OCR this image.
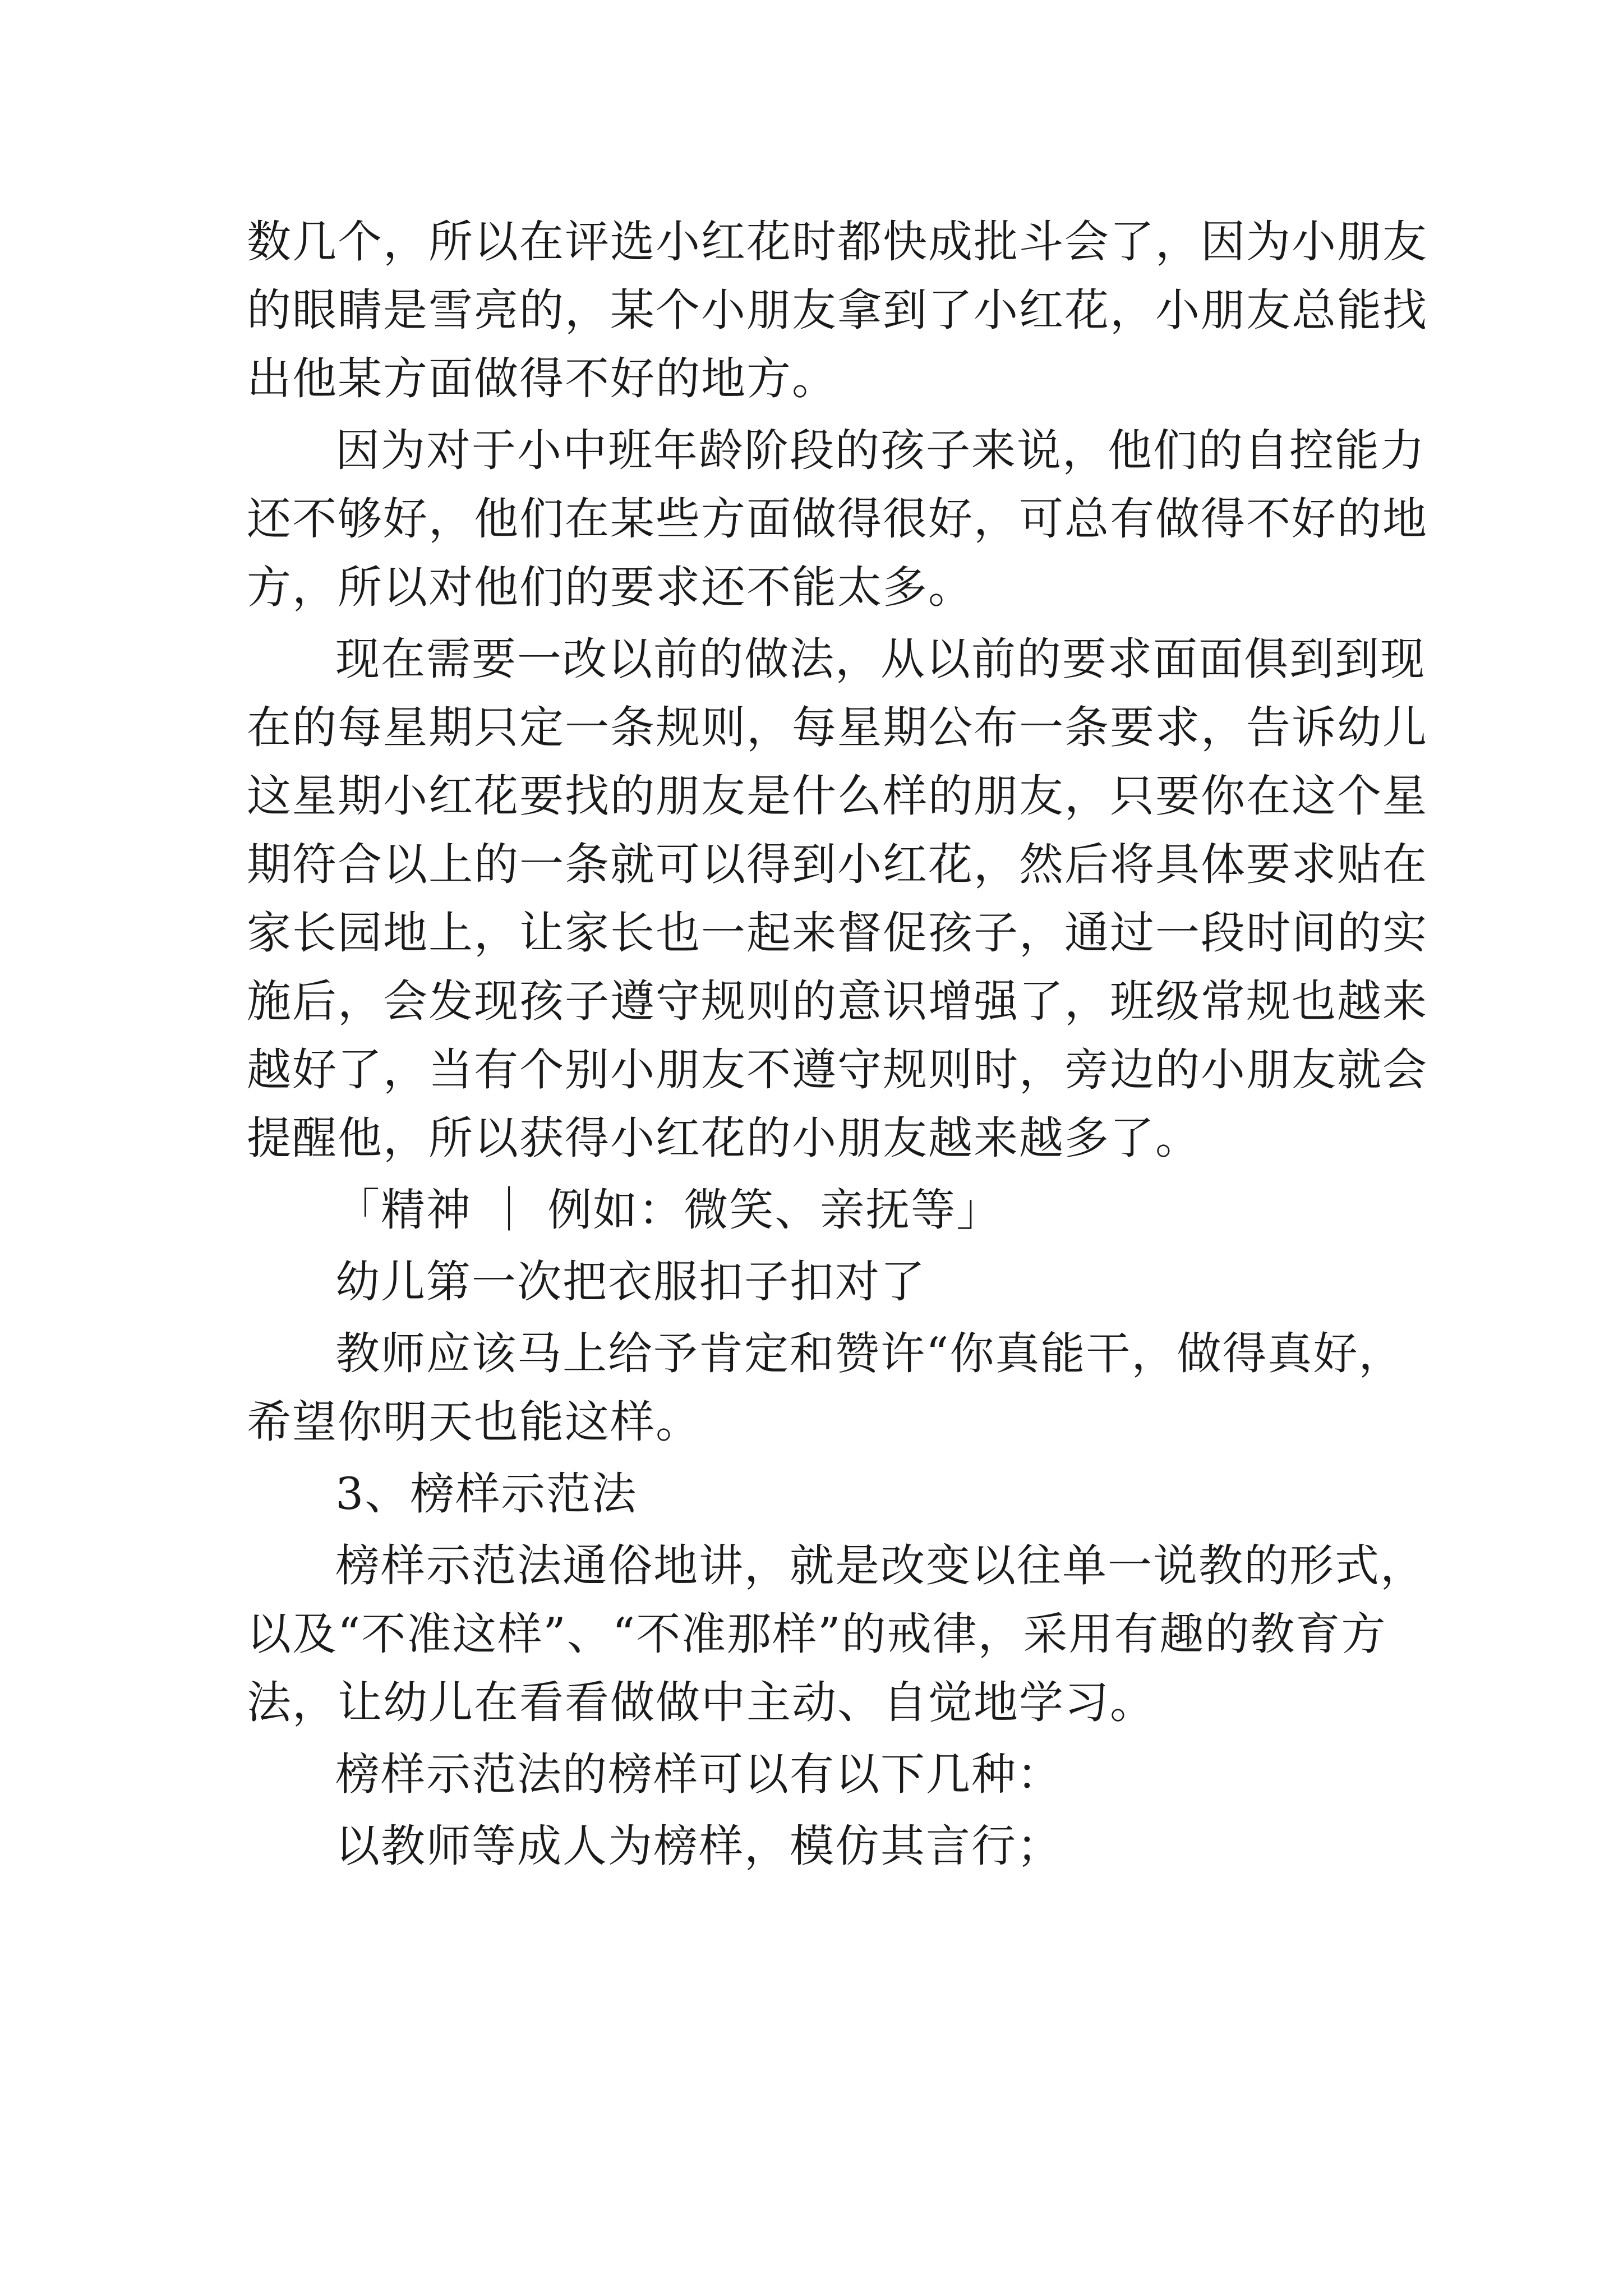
数几个，所以在评选小红花时都快成批斗会了，因为小朋友
的眼睛是雪亮的，某个小朋友拿到了小红花，小朋友总能找
出他某方面做得不好的地方。
因为对于小中班年龄阶段的孩子来说，他们的自控能力
还不够好，他们在某些方面做得很好，可总有做得不好的地
方，所以对他们的要求还不能太多。
现在需要一改以前的做法，从以前的要求面面俱到到现
在的每星期只定一条规则，每星期公布一条要求，告诉幼儿
这星期小红花要找的朋友是什么样的朋友，只要你在这个星
期符合以上的一条就可以得到小红花，然后将具体要求贴在
家长园地上，让家长也一起来督促孩子，通过一段时间的实
施后，会发现孩子遵守规则的意识增强了，班级常规也越来
越好了，当有个别小朋友不遵守规则时，旁边的小朋友就会
提醒他，所以获得小红花的小朋友越来越多了。
「精神 ｜ 例如：微笑、亲抚等」
幼儿第一次把衣服扣子扣对了
教师应该马上给予肯定和赞许“你真能干，做得真好，
希望你明天也能这样。
3、榜样示范法
榜样示范法通俗地讲，就是改变以往单一说教的形式，
以及“不准这样”、“不准那样”的戒律，采用有趣的教育方
法，让幼儿在看看做做中主动、自觉地学习。
榜样示范法的榜样可以有以下几种：
以教师等成人为榜样，模仿其言行；
